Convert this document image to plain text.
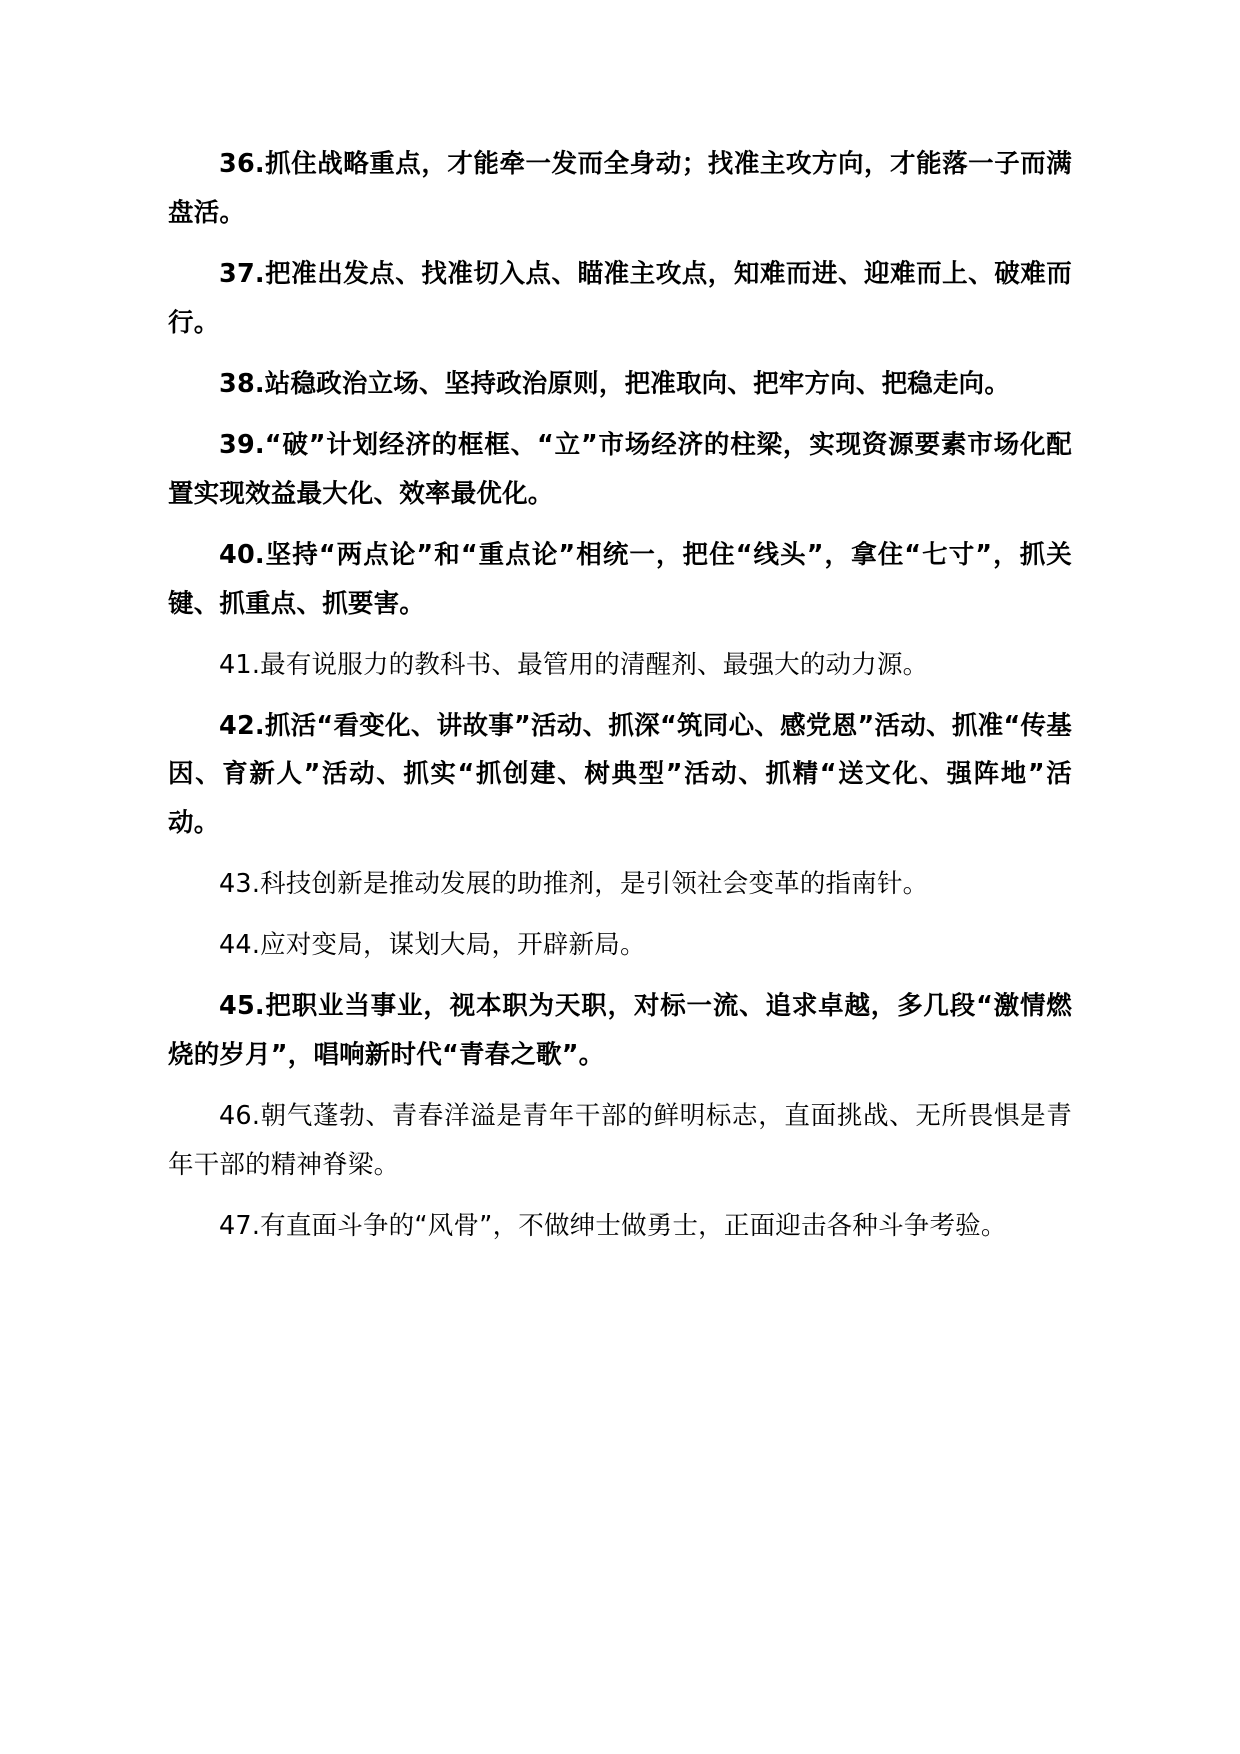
36.抓住战略重点，才能牵一发而全身动；找准主攻方向，才能落一子而满盘活。

37.把准出发点、找准切入点、瞄准主攻点，知难而进、迎难而上、破难而行。

38.站稳政治立场、坚持政治原则，把准取向、把牢方向、把稳走向。

39.“破”计划经济的框框、“立”市场经济的柱梁，实现资源要素市场化配置实现效益最大化、效率最优化。

40.坚持“两点论”和“重点论”相统一，把住“线头”，拿住“七寸”，抓关键、抓重点、抓要害。

41.最有说服力的教科书、最管用的清醒剂、最强大的动力源。

42.抓活“看变化、讲故事”活动、抓深“筑同心、感党恩”活动、抓准“传基因、育新人”活动、抓实“抓创建、树典型”活动、抓精“送文化、强阵地”活动。

43.科技创新是推动发展的助推剂，是引领社会变革的指南针。

44.应对变局，谋划大局，开辟新局。

45.把职业当事业，视本职为天职，对标一流、追求卓越，多几段“激情燃烧的岁月”，唱响新时代“青春之歌”。

46.朝气蓬勃、青春洋溢是青年干部的鲜明标志，直面挑战、无所畏惧是青年干部的精神脊梁。

47.有直面斗争的“风骨”，不做绅士做勇士，正面迎击各种斗争考验。
